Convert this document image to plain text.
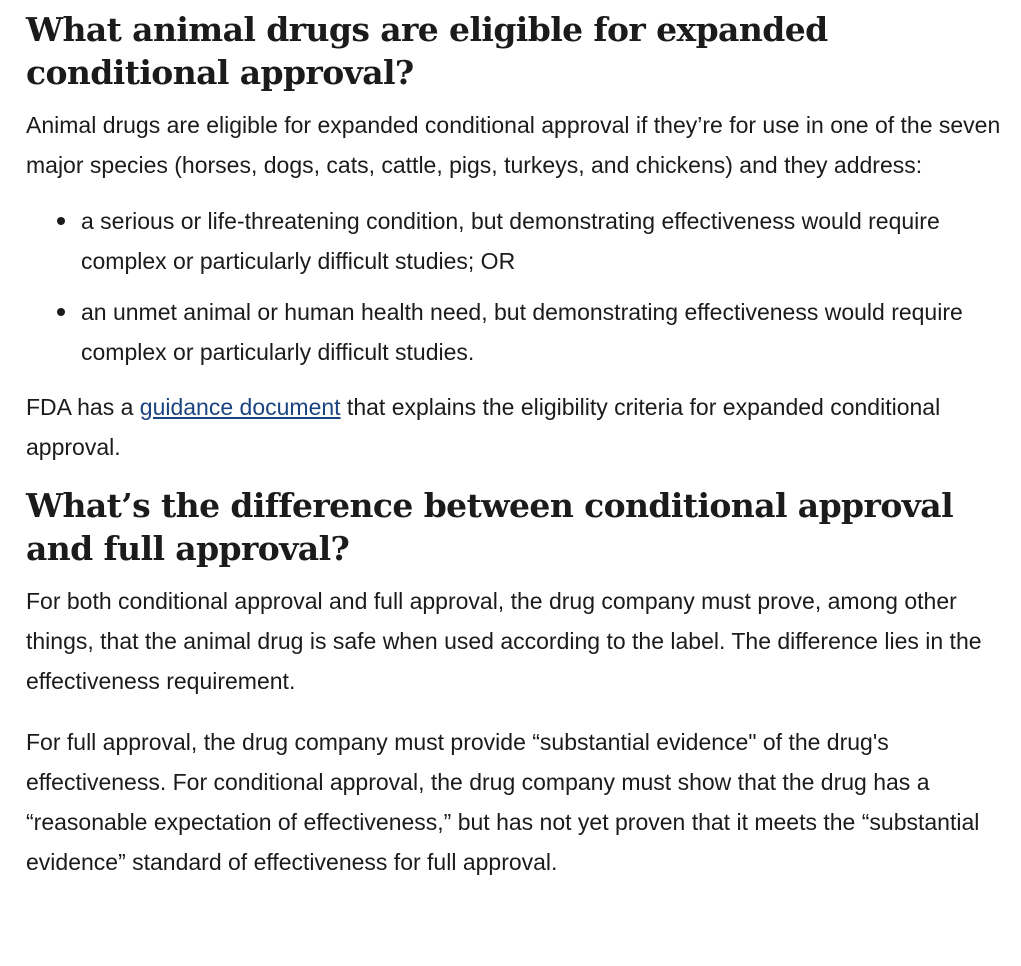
What animal drugs are eligible for expanded conditional approval?

Animal drugs are eligible for expanded conditional approval if they’re for use in one of the seven major species (horses, dogs, cats, cattle, pigs, turkeys, and chickens) and they address:

a serious or life-threatening condition, but demonstrating effectiveness would require complex or particularly difficult studies; OR
an unmet animal or human health need, but demonstrating effectiveness would require complex or particularly difficult studies.

FDA has a guidance document that explains the eligibility criteria for expanded conditional approval.

What’s the difference between conditional approval and full approval?

For both conditional approval and full approval, the drug company must prove, among other things, that the animal drug is safe when used according to the label. The difference lies in the effectiveness requirement.

For full approval, the drug company must provide “substantial evidence" of the drug's effectiveness. For conditional approval, the drug company must show that the drug has a “reasonable expectation of effectiveness,” but has not yet proven that it meets the “substantial evidence” standard of effectiveness for full approval.
